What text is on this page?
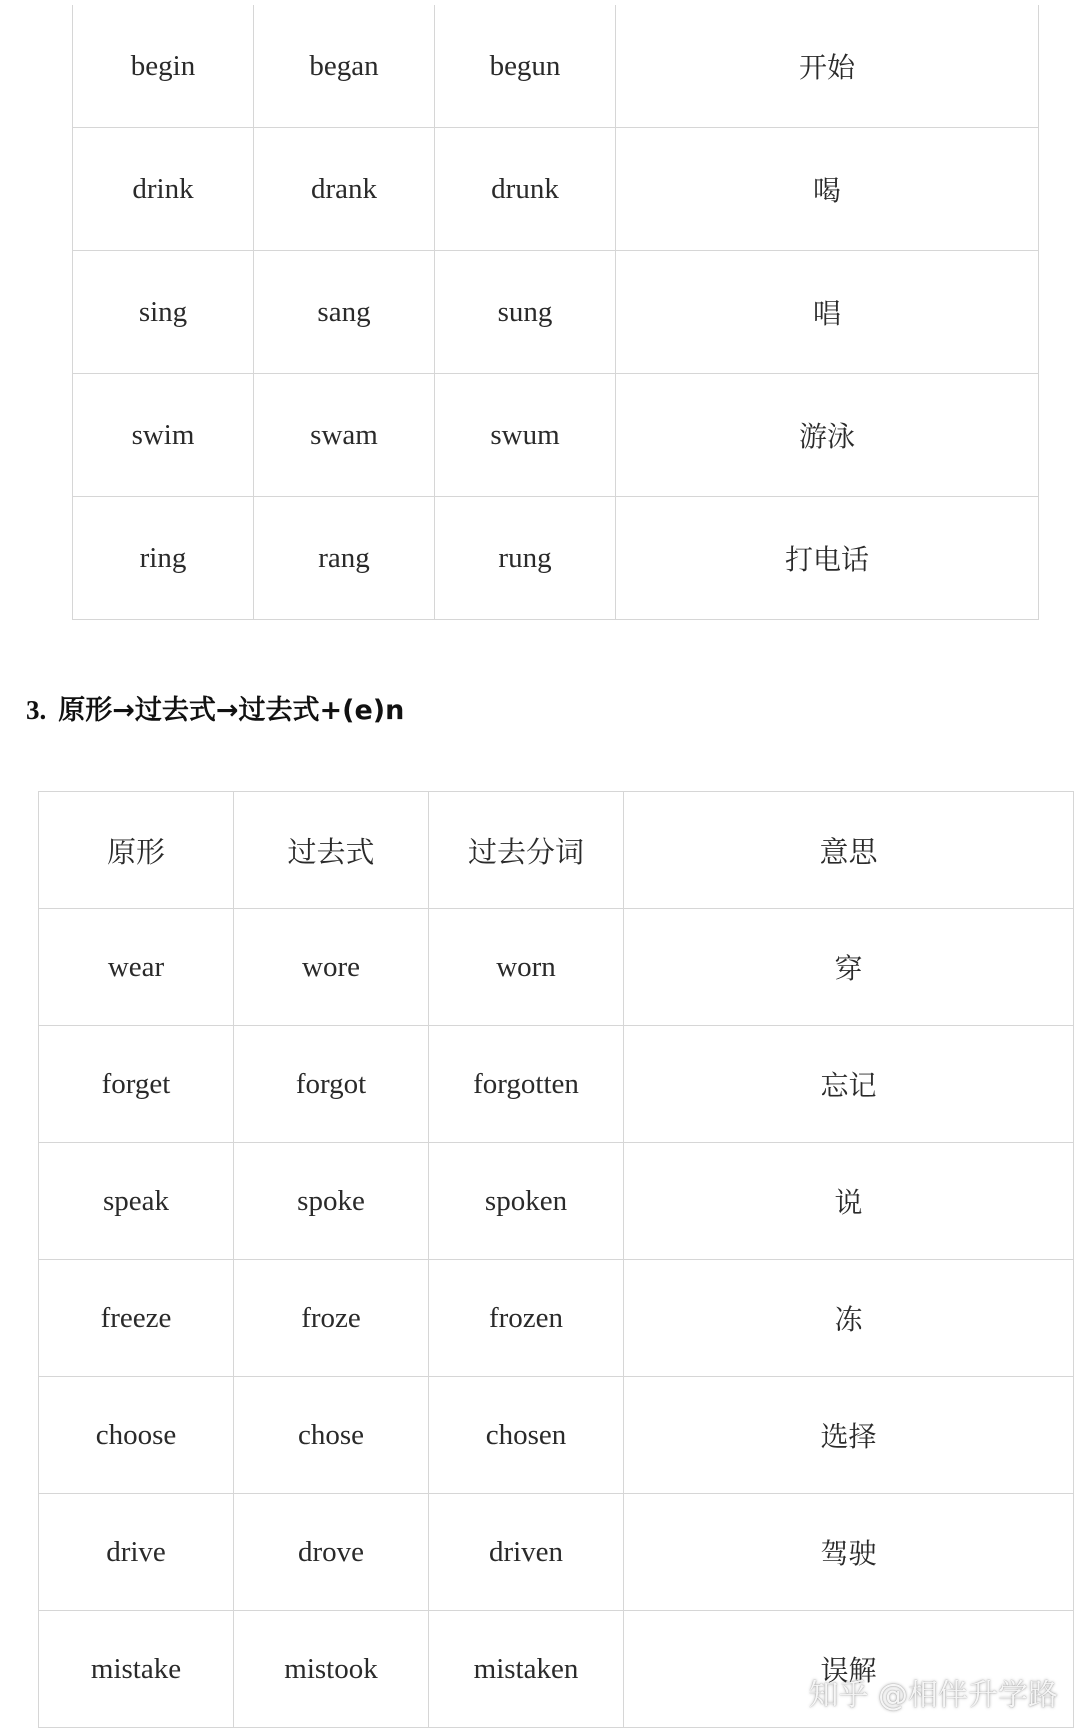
begin	began	begun	开始
drink	drank	drunk	喝
sing	sang	sung	唱
swim	swam	swum	游泳
ring	rang	rung	打电话
3. 原形→过去式→过去式+(e)n
原形	过去式	过去分词	意思
wear	wore	worn	穿
forget	forgot	forgotten	忘记
speak	spoke	spoken	说
freeze	froze	frozen	冻
choose	chose	chosen	选择
drive	drove	driven	驾驶
mistake	mistook	mistaken	误解
知乎 @相伴升学路
